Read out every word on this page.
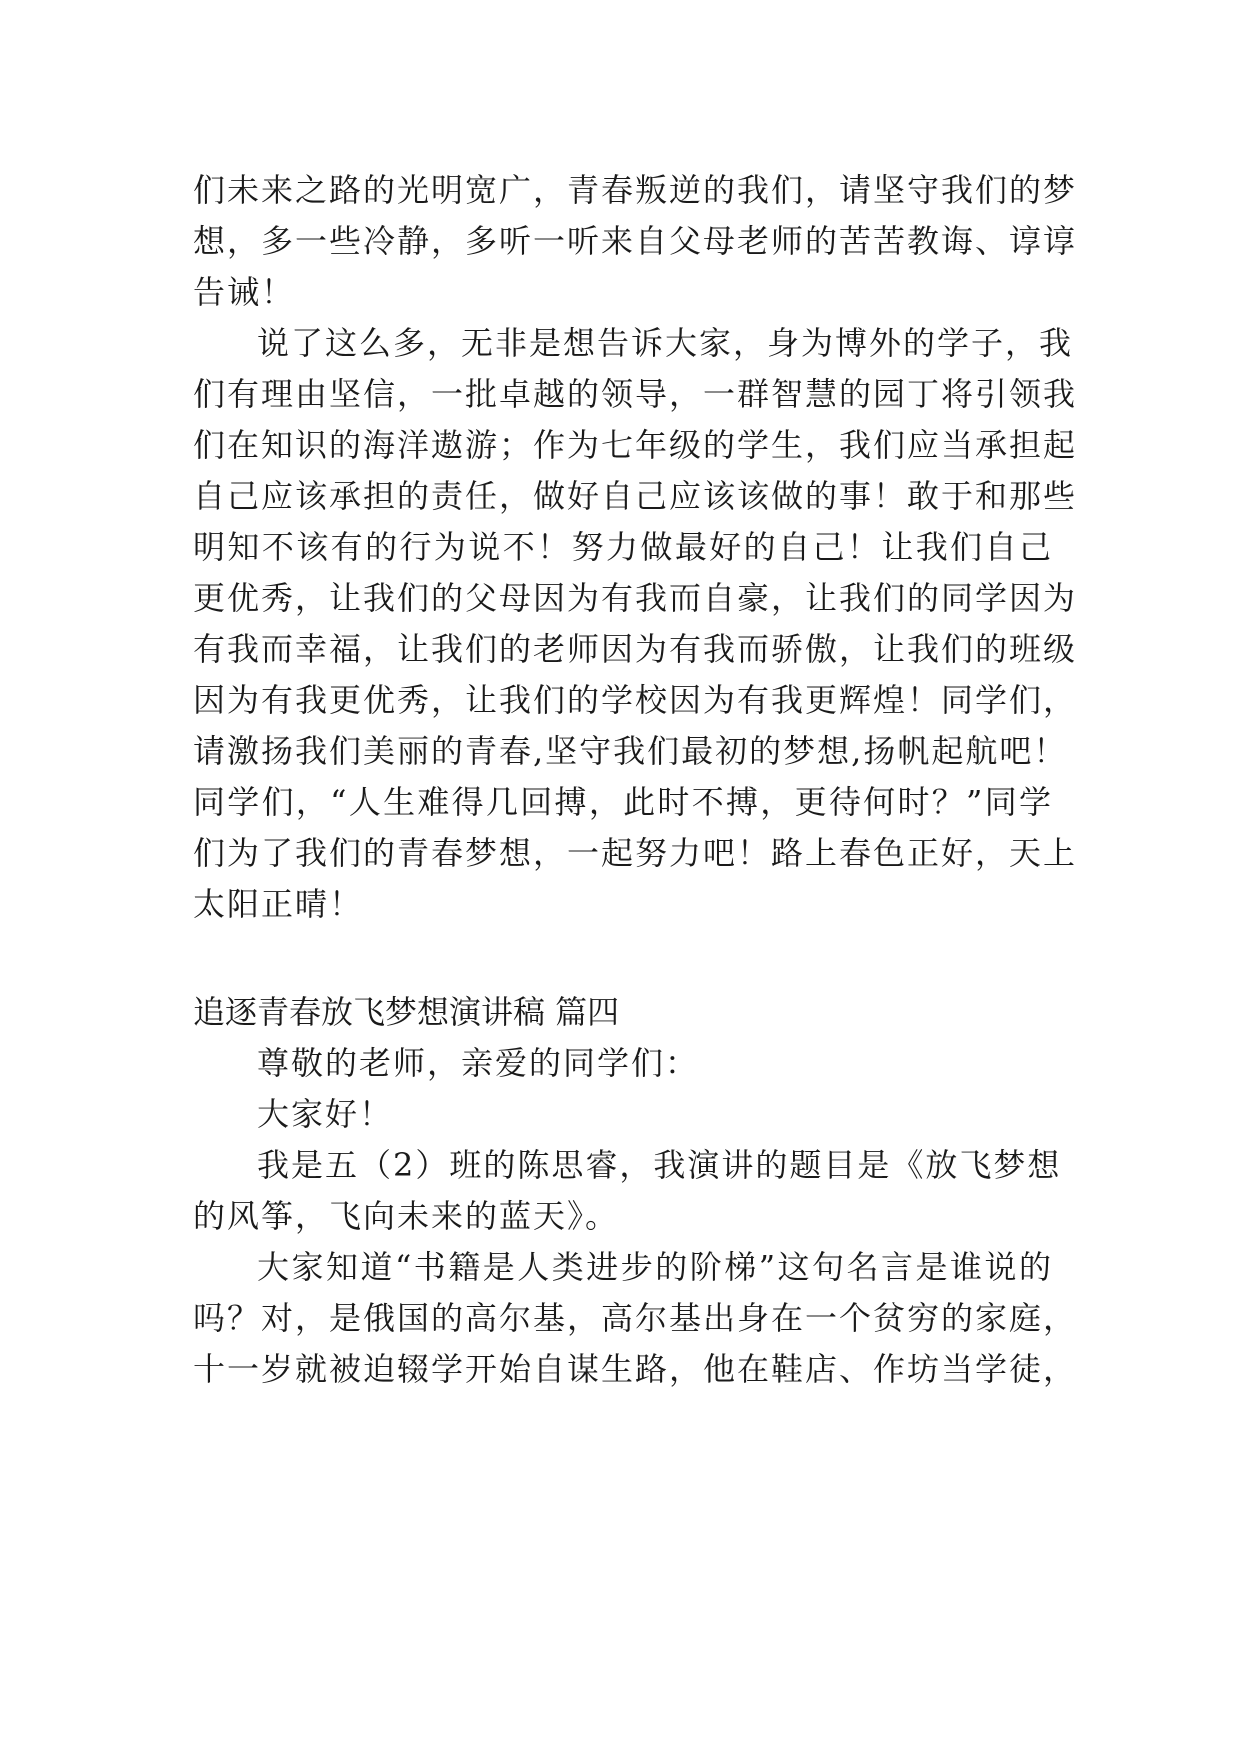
们未来之路的光明宽广，青春叛逆的我们，请坚守我们的梦
想，多一些冷静，多听一听来自父母老师的苦苦教诲、谆谆
告诫！
说了这么多，无非是想告诉大家，身为博外的学子，我
们有理由坚信，一批卓越的领导，一群智慧的园丁将引领我
们在知识的海洋遨游；作为七年级的学生，我们应当承担起
自己应该承担的责任，做好自己应该该做的事！敢于和那些
明知不该有的行为说不！努力做最好的自己！让我们自己
更优秀，让我们的父母因为有我而自豪，让我们的同学因为
有我而幸福，让我们的老师因为有我而骄傲，让我们的班级
因为有我更优秀，让我们的学校因为有我更辉煌！同学们，
请激扬我们美丽的青春,坚守我们最初的梦想,扬帆起航吧！
同学们，“人生难得几回搏，此时不搏，更待何时？”同学
们为了我们的青春梦想，一起努力吧！路上春色正好，天上
太阳正晴！
追逐青春放飞梦想演讲稿 篇四
尊敬的老师，亲爱的同学们：
大家好！
我是五（2）班的陈思睿，我演讲的题目是《放飞梦想
的风筝，飞向未来的蓝天》。
大家知道“书籍是人类进步的阶梯”这句名言是谁说的
吗？对，是俄国的高尔基，高尔基出身在一个贫穷的家庭，
十一岁就被迫辍学开始自谋生路，他在鞋店、作坊当学徒，
